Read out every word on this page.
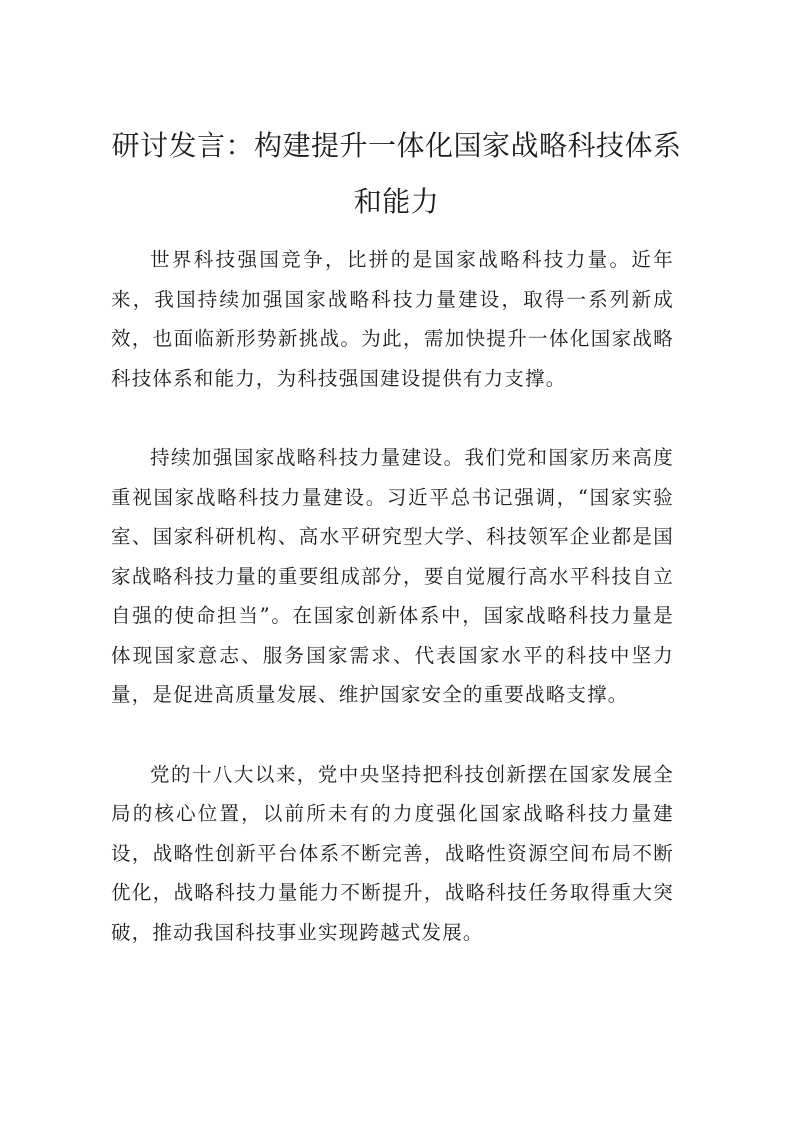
研讨发言：构建提升一体化国家战略科技体系和能力

世界科技强国竞争，比拼的是国家战略科技力量。近年来，我国持续加强国家战略科技力量建设，取得一系列新成效，也面临新形势新挑战。为此，需加快提升一体化国家战略科技体系和能力，为科技强国建设提供有力支撑。

持续加强国家战略科技力量建设。我们党和国家历来高度重视国家战略科技力量建设。习近平总书记强调，“国家实验室、国家科研机构、高水平研究型大学、科技领军企业都是国家战略科技力量的重要组成部分，要自觉履行高水平科技自立自强的使命担当”。在国家创新体系中，国家战略科技力量是体现国家意志、服务国家需求、代表国家水平的科技中坚力量，是促进高质量发展、维护国家安全的重要战略支撑。

党的十八大以来，党中央坚持把科技创新摆在国家发展全局的核心位置，以前所未有的力度强化国家战略科技力量建设，战略性创新平台体系不断完善，战略性资源空间布局不断优化，战略科技力量能力不断提升，战略科技任务取得重大突破，推动我国科技事业实现跨越式发展。
